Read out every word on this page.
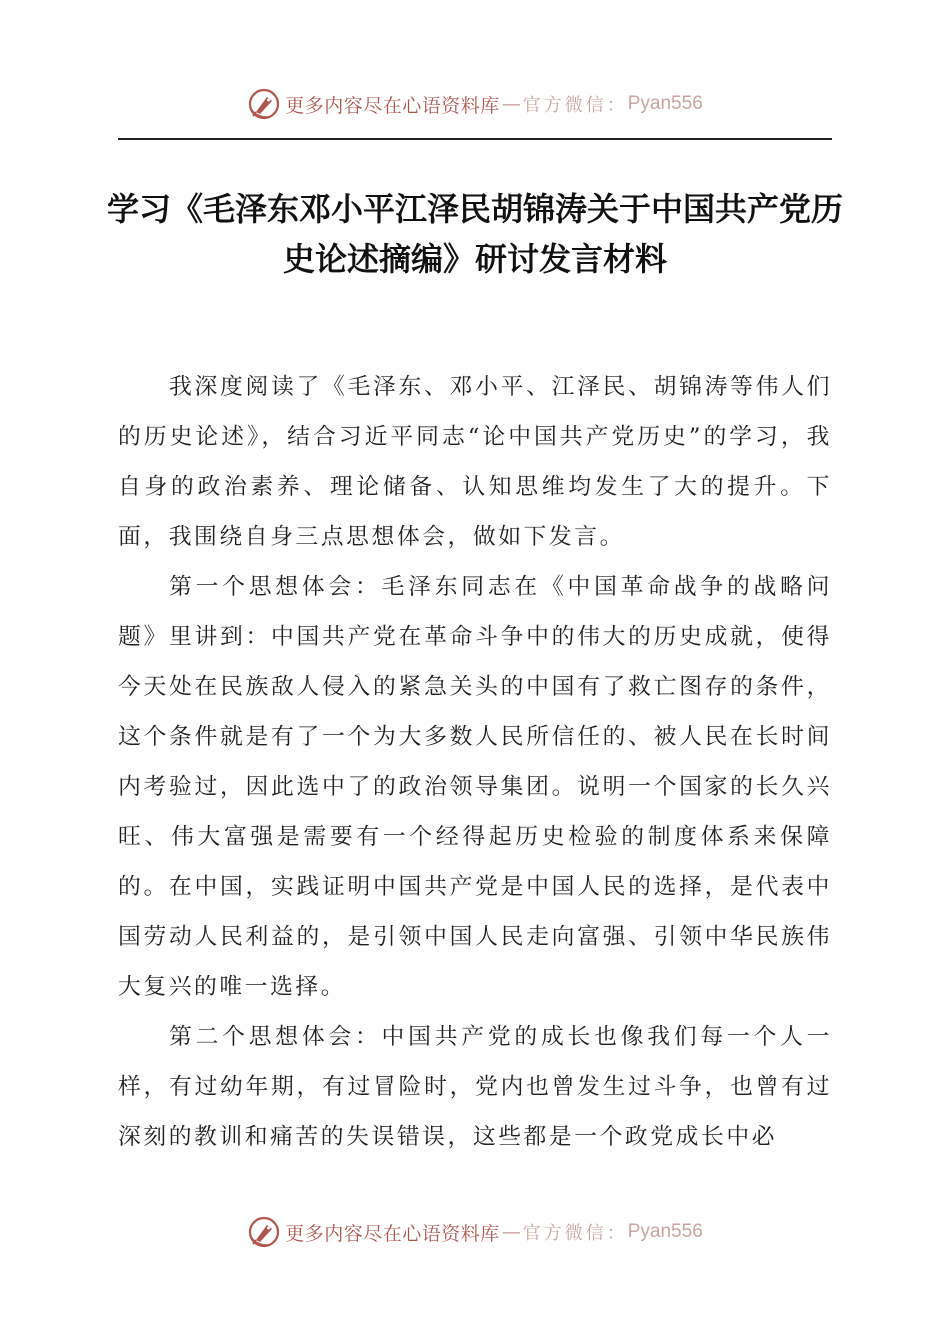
更多内容尽在心语资料库 — 官方微信： Pyan556
学习《毛泽东邓小平江泽民胡锦涛关于中国共产党历史论述摘编》研讨发言材料

我深度阅读了《毛泽东、邓小平、江泽民、胡锦涛等伟人们的历史论述》，结合习近平同志“论中国共产党历史”的学习，我自身的政治素养、理论储备、认知思维均发生了大的提升。下面，我围绕自身三点思想体会，做如下发言。

第一个思想体会：毛泽东同志在《中国革命战争的战略问题》里讲到：中国共产党在革命斗争中的伟大的历史成就，使得今天处在民族敌人侵入的紧急关头的中国有了救亡图存的条件，这个条件就是有了一个为大多数人民所信任的、被人民在长时间内考验过，因此选中了的政治领导集团。说明一个国家的长久兴旺、伟大富强是需要有一个经得起历史检验的制度体系来保障的。在中国，实践证明中国共产党是中国人民的选择，是代表中国劳动人民利益的，是引领中国人民走向富强、引领中华民族伟大复兴的唯一选择。

第二个思想体会：中国共产党的成长也像我们每一个人一样，有过幼年期，有过冒险时，党内也曾发生过斗争，也曾有过深刻的教训和痛苦的失误错误，这些都是一个政党成长中必

更多内容尽在心语资料库 — 官方微信： Pyan556
